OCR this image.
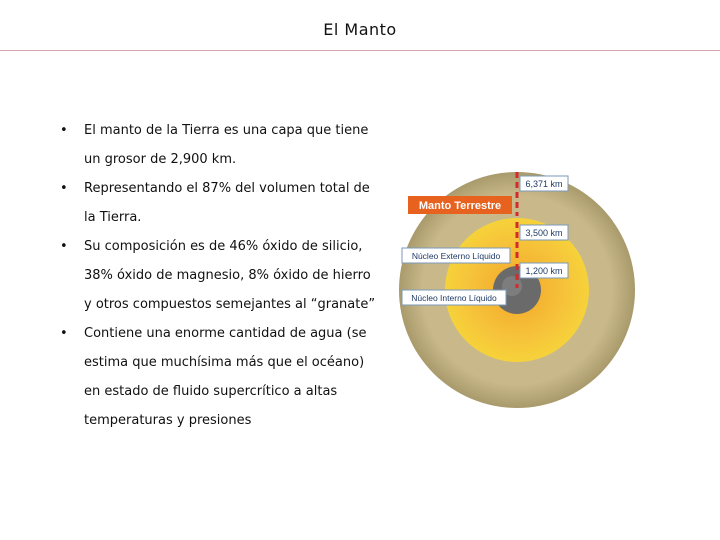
El Manto
• El manto de la Tierra es una capa que tiene un grosor de 2,900 km.
• Representando el 87% del volumen total de la Tierra.
• Su composición es de 46% óxido de silicio, 38% óxido de magnesio, 8% óxido de hierro y otros compuestos semejantes al “granate”
• Contiene una enorme cantidad de agua (se estima que muchísima más que el océano) en estado de fluido supercrítico a altas temperaturas y presiones
Manto Terrestre
6,371 km
3,500 km
Núcleo Externo Líquido
1,200 km
Núcleo Interno Líquido
